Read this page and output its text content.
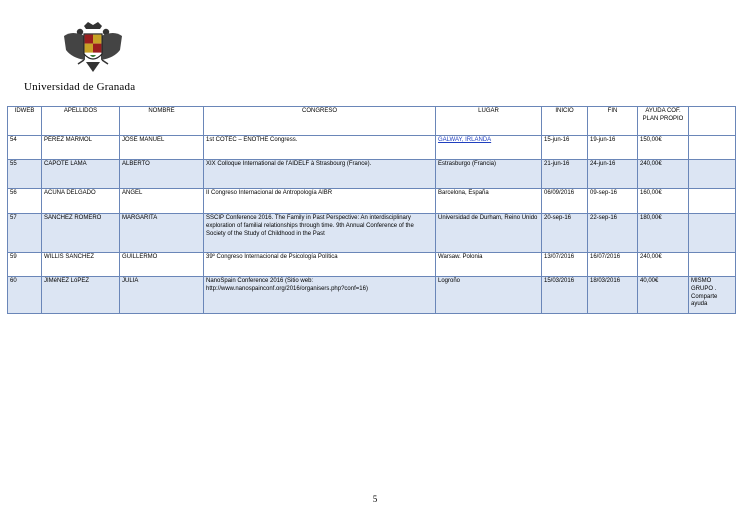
Universidad de Granada
IDWEB	APELLIDOS	NOMBRE	CONGRESO	LUGAR	INICIO	FIN	AYUDA COF. PLAN PROPIO	
54	PÉREZ MÁRMOL	JOSE MANUEL	1st COTEC – ENOTHE Congress.	GALWAY, IRLANDA	15-jun-16	19-jun-16	150,00€	
55	CAPOTE LAMA	ALBERTO	XIX Colloque International de l'AIDELF à Strasbourg (France).	Estrasburgo (Francia)	21-jun-16	24-jun-16	240,00€	
56	ACUÑA DELGADO	ÁNGEL	II Congreso Internacional de Antropología AIBR	Barcelona, España	06/09/2016	09-sep-16	160,00€	
57	SÁNCHEZ ROMERO	MARGARITA	SSCIP Conference 2016. The Family in Past Perspective: An interdisciplinary exploration of familial relationships through time. 9th Annual Conference of the Society of the Study of Childhood in the Past	Universidad de Durham, Reino Unido	20-sep-16	22-sep-16	180,00€	
59	WILLIS SANCHEZ	GUILLERMO	39º Congreso Internacional de Psicología Política	Warsaw. Polonia	13/07/2016	16/07/2016	240,00€	
60	JIMéNEZ LóPEZ	JULIA	NanoSpain Conference 2016 (Sitio web: http://www.nanospainconf.org/2016/organisers.php?conf=16)	Logroño	15/03/2016	18/03/2016	40,00€	MISMO GRUPO . Comparte ayuda
5
